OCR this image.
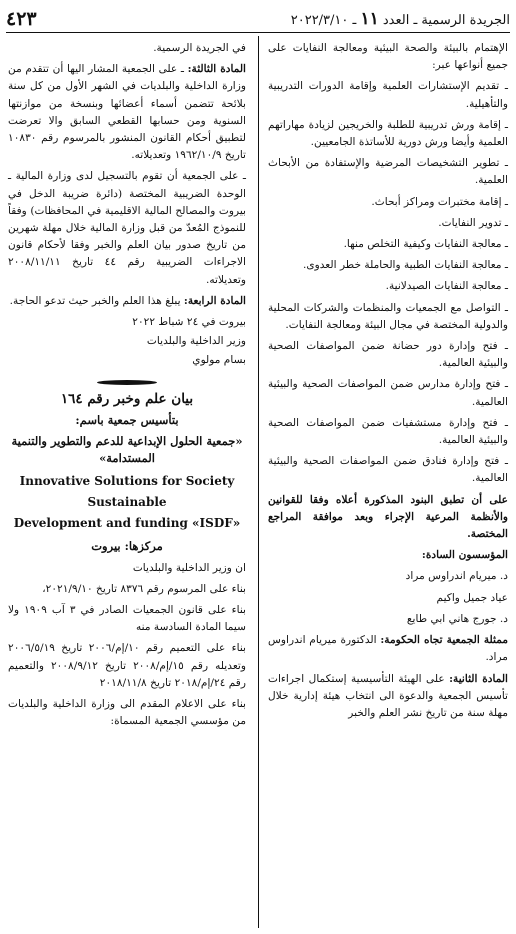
الجريدة الرسمية ـ العدد ١١ ـ ٢٠٢٢/٣/١٠
٤٢٣

الإهتمام بالبيئة والصحة البيئية ومعالجة النفايات على جميع أنواعها عبر:

ـ تقديم الإستشارات العلمية وإقامة الدورات التدريبية والتأهيلية.

ـ إقامة ورش تدريبية للطلبة والخريجين لزيادة مهاراتهم العلمية وأيضا ورش دورية للأساتذة الجامعيين.

ـ تطوير التشخيصات المرضية والإستفادة من الأبحاث العلمية.

ـ إقامة مختبرات ومراكز أبحاث.

ـ تدوير النفايات.

ـ معالجة النفايات وكيفية التخلص منها.

ـ معالجة النفايات الطبية والحاملة خطر العدوى.

ـ معالجة النفايات الصيدلانية.

ـ التواصل مع الجمعيات والمنظمات والشركات المحلية والدولية المختصة في مجال البيئة ومعالجة النفايات.

ـ فتح وإدارة دور حضانة ضمن المواصفات الصحية والبيئية العالمية.

ـ فتح وإدارة مدارس ضمن المواصفات الصحية والبيئية العالمية.

ـ فتح وإدارة مستشفيات ضمن المواصفات الصحية والبيئية العالمية.

ـ فتح وإدارة فنادق ضمن المواصفات الصحية والبيئية العالمية.

على أن تطبق البنود المذكورة أعلاه وفقا للقوانين والأنظمة المرعية الإجراء وبعد موافقة المراجع المختصة.

المؤسسون السادة:

د. ميريام اندراوس مراد

عياد جميل واكيم

د. جورج هاني ابي طايع

ممثلة الجمعية تجاه الحكومة: الدكتورة ميريام اندراوس مراد.

المادة الثانية: على الهيئة التأسيسية إستكمال اجراءات تأسيس الجمعية والدعوة الى انتخاب هيئة إدارية خلال مهلة سنة من تاريخ نشر العلم والخبر

في الجريدة الرسمية.

المادة الثالثة: ـ على الجمعية المشار اليها أن تتقدم من وزارة الداخلية والبلديات في الشهر الأول من كل سنة بلائحة تتضمن أسماء أعضائها وبنسخة من موازنتها السنوية ومن حسابها القطعي السابق والا تعرضت لتطبيق أحكام القانون المنشور بالمرسوم رقم ١٠٨٣٠ تاريخ ١٩٦٢/١٠/٩ وتعديلاته.

ـ على الجمعية أن تقوم بالتسجيل لدى وزارة المالية ـ الوحدة الضريبية المختصة (دائرة ضريبة الدخل في بيروت والمصالح المالية الاقليمية في المحافظات) وفقاً للنموذج المُعدّ من قبل وزارة المالية خلال مهلة شهرين من تاريخ صدور بيان العلم والخبر وفقا لأحكام قانون الاجراءات الضريبية رقم ٤٤ تاريخ ٢٠٠٨/١١/١١ وتعديلاته.

المادة الرابعة: يبلغ هذا العلم والخبر حيث تدعو الحاجة.

بيروت في ٢٤ شباط ٢٠٢٢

وزير الداخلية والبلديات

بسام مولوي

بيان علم وخبر رقم ١٦٤

بتأسيس جمعية باسم:

«جمعية الحلول الإبداعية للدعم والتطوير والتنمية المستدامة»

Innovative Solutions for Society

Sustainable

Development and funding «ISDF»

مركزها: بيروت

ان وزير الداخلية والبلديات

بناء على المرسوم رقم ٨٣٧٦ تاريخ ٢٠٢١/٩/١٠،

بناء على قانون الجمعيات الصادر في ٣ آب ١٩٠٩ ولا سيما المادة السادسة منه

بناء على التعميم رقم ١٠/إم/٢٠٠٦ تاريخ ٢٠٠٦/٥/١٩ وتعديله رقم ١٥/إم/٢٠٠٨ تاريخ ٢٠٠٨/٩/١٢ والتعميم رقم ٢٤/إم/٢٠١٨ تاريخ ٢٠١٨/١١/٨

بناء على الاعلام المقدم الى وزارة الداخلية والبلديات من مؤسسي الجمعية المسماة:
